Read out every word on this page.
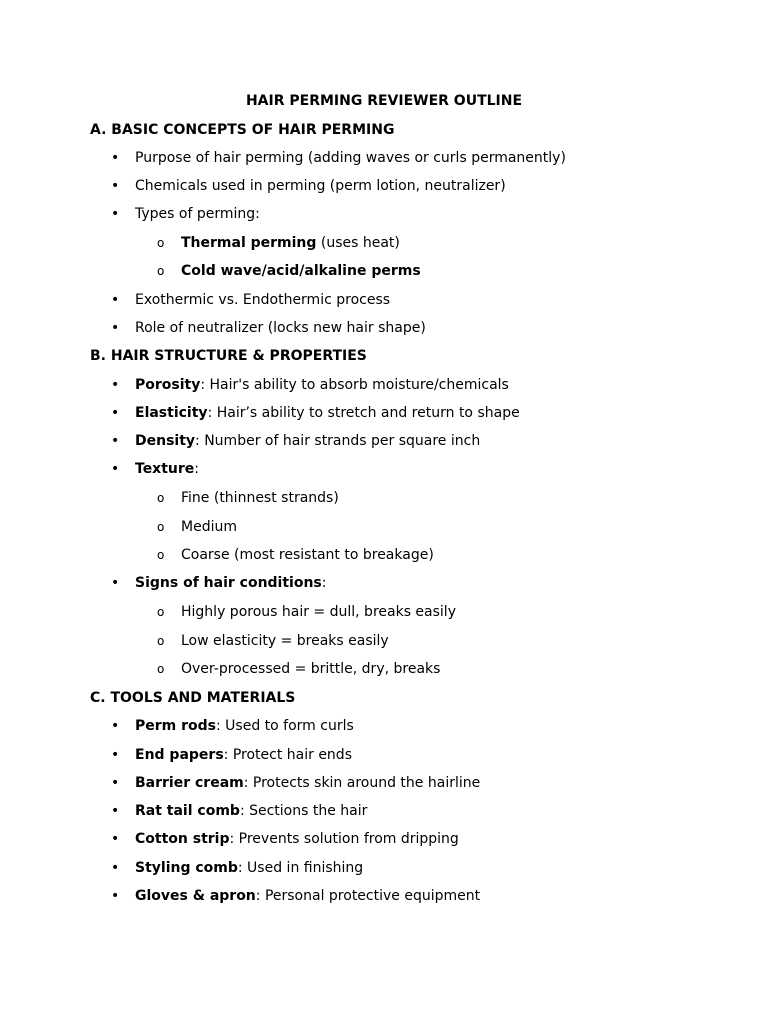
HAIR PERMING REVIEWER OUTLINE
A. BASIC CONCEPTS OF HAIR PERMING
• Purpose of hair perming (adding waves or curls permanently)
• Chemicals used in perming (perm lotion, neutralizer)
• Types of perming:
o Thermal perming (uses heat)
o Cold wave/acid/alkaline perms
• Exothermic vs. Endothermic process
• Role of neutralizer (locks new hair shape)
B. HAIR STRUCTURE & PROPERTIES
• Porosity: Hair's ability to absorb moisture/chemicals
• Elasticity: Hair’s ability to stretch and return to shape
• Density: Number of hair strands per square inch
• Texture:
o Fine (thinnest strands)
o Medium
o Coarse (most resistant to breakage)
• Signs of hair conditions:
o Highly porous hair = dull, breaks easily
o Low elasticity = breaks easily
o Over-processed = brittle, dry, breaks
C. TOOLS AND MATERIALS
• Perm rods: Used to form curls
• End papers: Protect hair ends
• Barrier cream: Protects skin around the hairline
• Rat tail comb: Sections the hair
• Cotton strip: Prevents solution from dripping
• Styling comb: Used in finishing
• Gloves & apron: Personal protective equipment
